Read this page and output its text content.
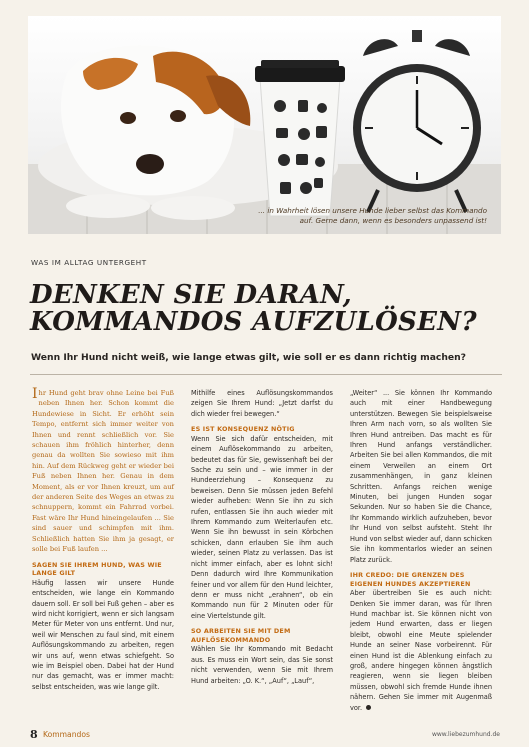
... in Wahrheit lösen unsere Hunde lieber selbst das Kommando
auf. Gerne dann, wenn es besonders unpassend ist!
WAS IM ALLTAG UNTERGEHT
DENKEN SIE DARAN,
KOMMANDOS AUFZULÖSEN?
Wenn Ihr Hund nicht weiß, wie lange etwas gilt, wie soll er es dann richtig machen?

Ihr Hund geht brav ohne Leine bei Fuß neben Ihnen her. Schon kommt die Hundewiese in Sicht. Er erhöht sein Tempo, entfernt sich immer weiter von Ihnen und rennt schließlich vor. Sie schauen ihm fröhlich hinterher, denn genau da wollten Sie sowieso mit ihm hin. Auf dem Rückweg geht er wieder bei Fuß neben Ihnen her. Genau in dem Moment, als er vor Ihnen kreuzt, um auf der anderen Seite des Weges an etwas zu schnuppern, kommt ein Fahrrad vorbei. Fast wäre Ihr Hund hineingelaufen ... Sie sind sauer und schimpfen mit ihm. Schließlich hatten Sie ihm ja gesagt, er solle bei Fuß laufen ...

SAGEN SIE IHREM HUND, WAS WIE LANGE GILT

Häufig lassen wir unsere Hunde entscheiden, wie lange ein Kommando dauern soll. Er soll bei Fuß gehen – aber es wird nicht korrigiert, wenn er sich langsam Meter für Meter von uns entfernt. Und nur, weil wir Menschen zu faul sind, mit einem Auflösungskommando zu arbeiten, regen wir uns auf, wenn etwas schiefgeht. So wie im Beispiel oben. Dabei hat der Hund nur das gemacht, was er immer macht: selbst entscheiden, was wie lange gilt.

Mithilfe eines Auflösungskommandos zeigen Sie Ihrem Hund: „Jetzt darfst du dich wieder frei bewegen.“

ES IST KONSEQUENZ NÖTIG

Wenn Sie sich dafür entscheiden, mit einem Auflösekommando zu arbeiten, bedeutet das für Sie, gewissenhaft bei der Sache zu sein und – wie immer in der Hundeerziehung – Konsequenz zu beweisen. Denn Sie müssen jeden Befehl wieder aufheben: Wenn Sie ihn zu sich rufen, entlassen Sie ihn auch wieder mit Ihrem Kommando zum Weiterlaufen etc. Wenn Sie ihn bewusst in sein Körbchen schicken, dann erlauben Sie ihm auch wieder, seinen Platz zu verlassen. Das ist nicht immer einfach, aber es lohnt sich! Denn dadurch wird Ihre Kommunikation feiner und vor allem für den Hund leichter, denn er muss nicht „erahnen“, ob ein Kommando nun für 2 Minuten oder für eine Viertelstunde gilt.

SO ARBEITEN SIE MIT DEM AUFLÖSEKOMMANDO

Wählen Sie Ihr Kommando mit Bedacht aus. Es muss ein Wort sein, das Sie sonst nicht verwenden, wenn Sie mit Ihrem Hund arbeiten: „O. K.“, „Auf“, „Lauf“,

„Weiter“ ... Sie können Ihr Kommando auch mit einer Handbewegung unterstützen. Bewegen Sie beispielsweise Ihren Arm nach vorn, so als wollten Sie Ihren Hund antreiben. Das macht es für Ihren Hund anfangs verständlicher. Arbeiten Sie bei allen Kommandos, die mit einem Verweilen an einem Ort zusammenhängen, in ganz kleinen Schritten. Anfangs reichen wenige Minuten, bei jungen Hunden sogar Sekunden. Nur so haben Sie die Chance, Ihr Kommando wirklich aufzuheben, bevor Ihr Hund von selbst aufsteht. Steht Ihr Hund von selbst wieder auf, dann schicken Sie ihn kommentarlos wieder an seinen Platz zurück.

IHR CREDO: DIE GRENZEN DES EIGENEN HUNDES AKZEPTIEREN

Aber übertreiben Sie es auch nicht: Denken Sie immer daran, was für Ihren Hund machbar ist. Sie können nicht von jedem Hund erwarten, dass er liegen bleibt, obwohl eine Meute spielender Hunde an seiner Nase vorbeirennt. Für einen Hund ist die Ablenkung einfach zu groß, andere hingegen können ängstlich reagieren, wenn sie liegen bleiben müssen, obwohl sich fremde Hunde ihnen nähern. Gehen Sie immer mit Augenmaß vor.

8 Kommandos	www.liebezumhund.de
